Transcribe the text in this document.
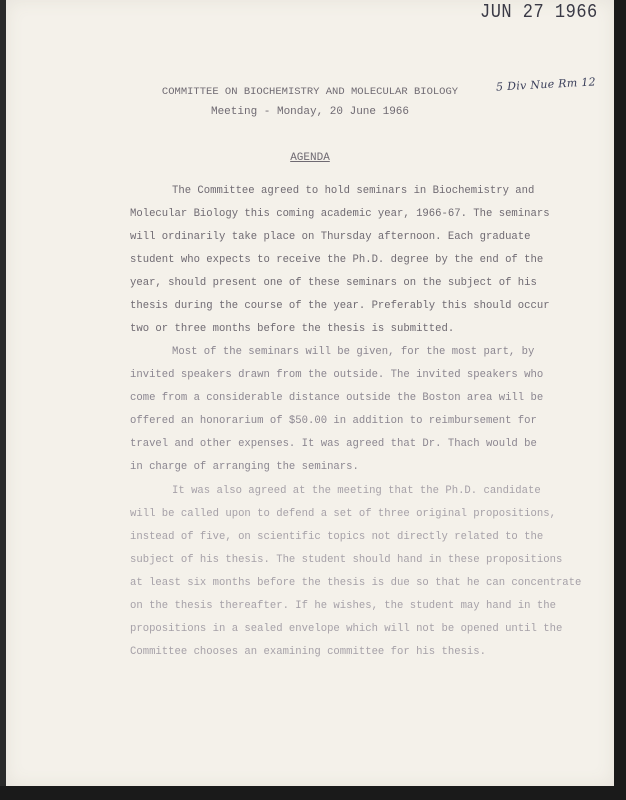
JUN 27 1966
5 Div Nue Rm 12
COMMITTEE ON BIOCHEMISTRY AND MOLECULAR BIOLOGY
Meeting - Monday, 20 June 1966
AGENDA
The Committee agreed to hold seminars in Biochemistry and
Molecular Biology this coming academic year, 1966-67. The seminars
will ordinarily take place on Thursday afternoon. Each graduate
student who expects to receive the Ph.D. degree by the end of the
year, should present one of these seminars on the subject of his
thesis during the course of the year. Preferably this should occur
two or three months before the thesis is submitted.
Most of the seminars will be given, for the most part, by
invited speakers drawn from the outside. The invited speakers who
come from a considerable distance outside the Boston area will be
offered an honorarium of $50.00 in addition to reimbursement for
travel and other expenses. It was agreed that Dr. Thach would be
in charge of arranging the seminars.
It was also agreed at the meeting that the Ph.D. candidate
will be called upon to defend a set of three original propositions,
instead of five, on scientific topics not directly related to the
subject of his thesis. The student should hand in these propositions
at least six months before the thesis is due so that he can concentrate
on the thesis thereafter. If he wishes, the student may hand in the
propositions in a sealed envelope which will not be opened until the
Committee chooses an examining committee for his thesis.
